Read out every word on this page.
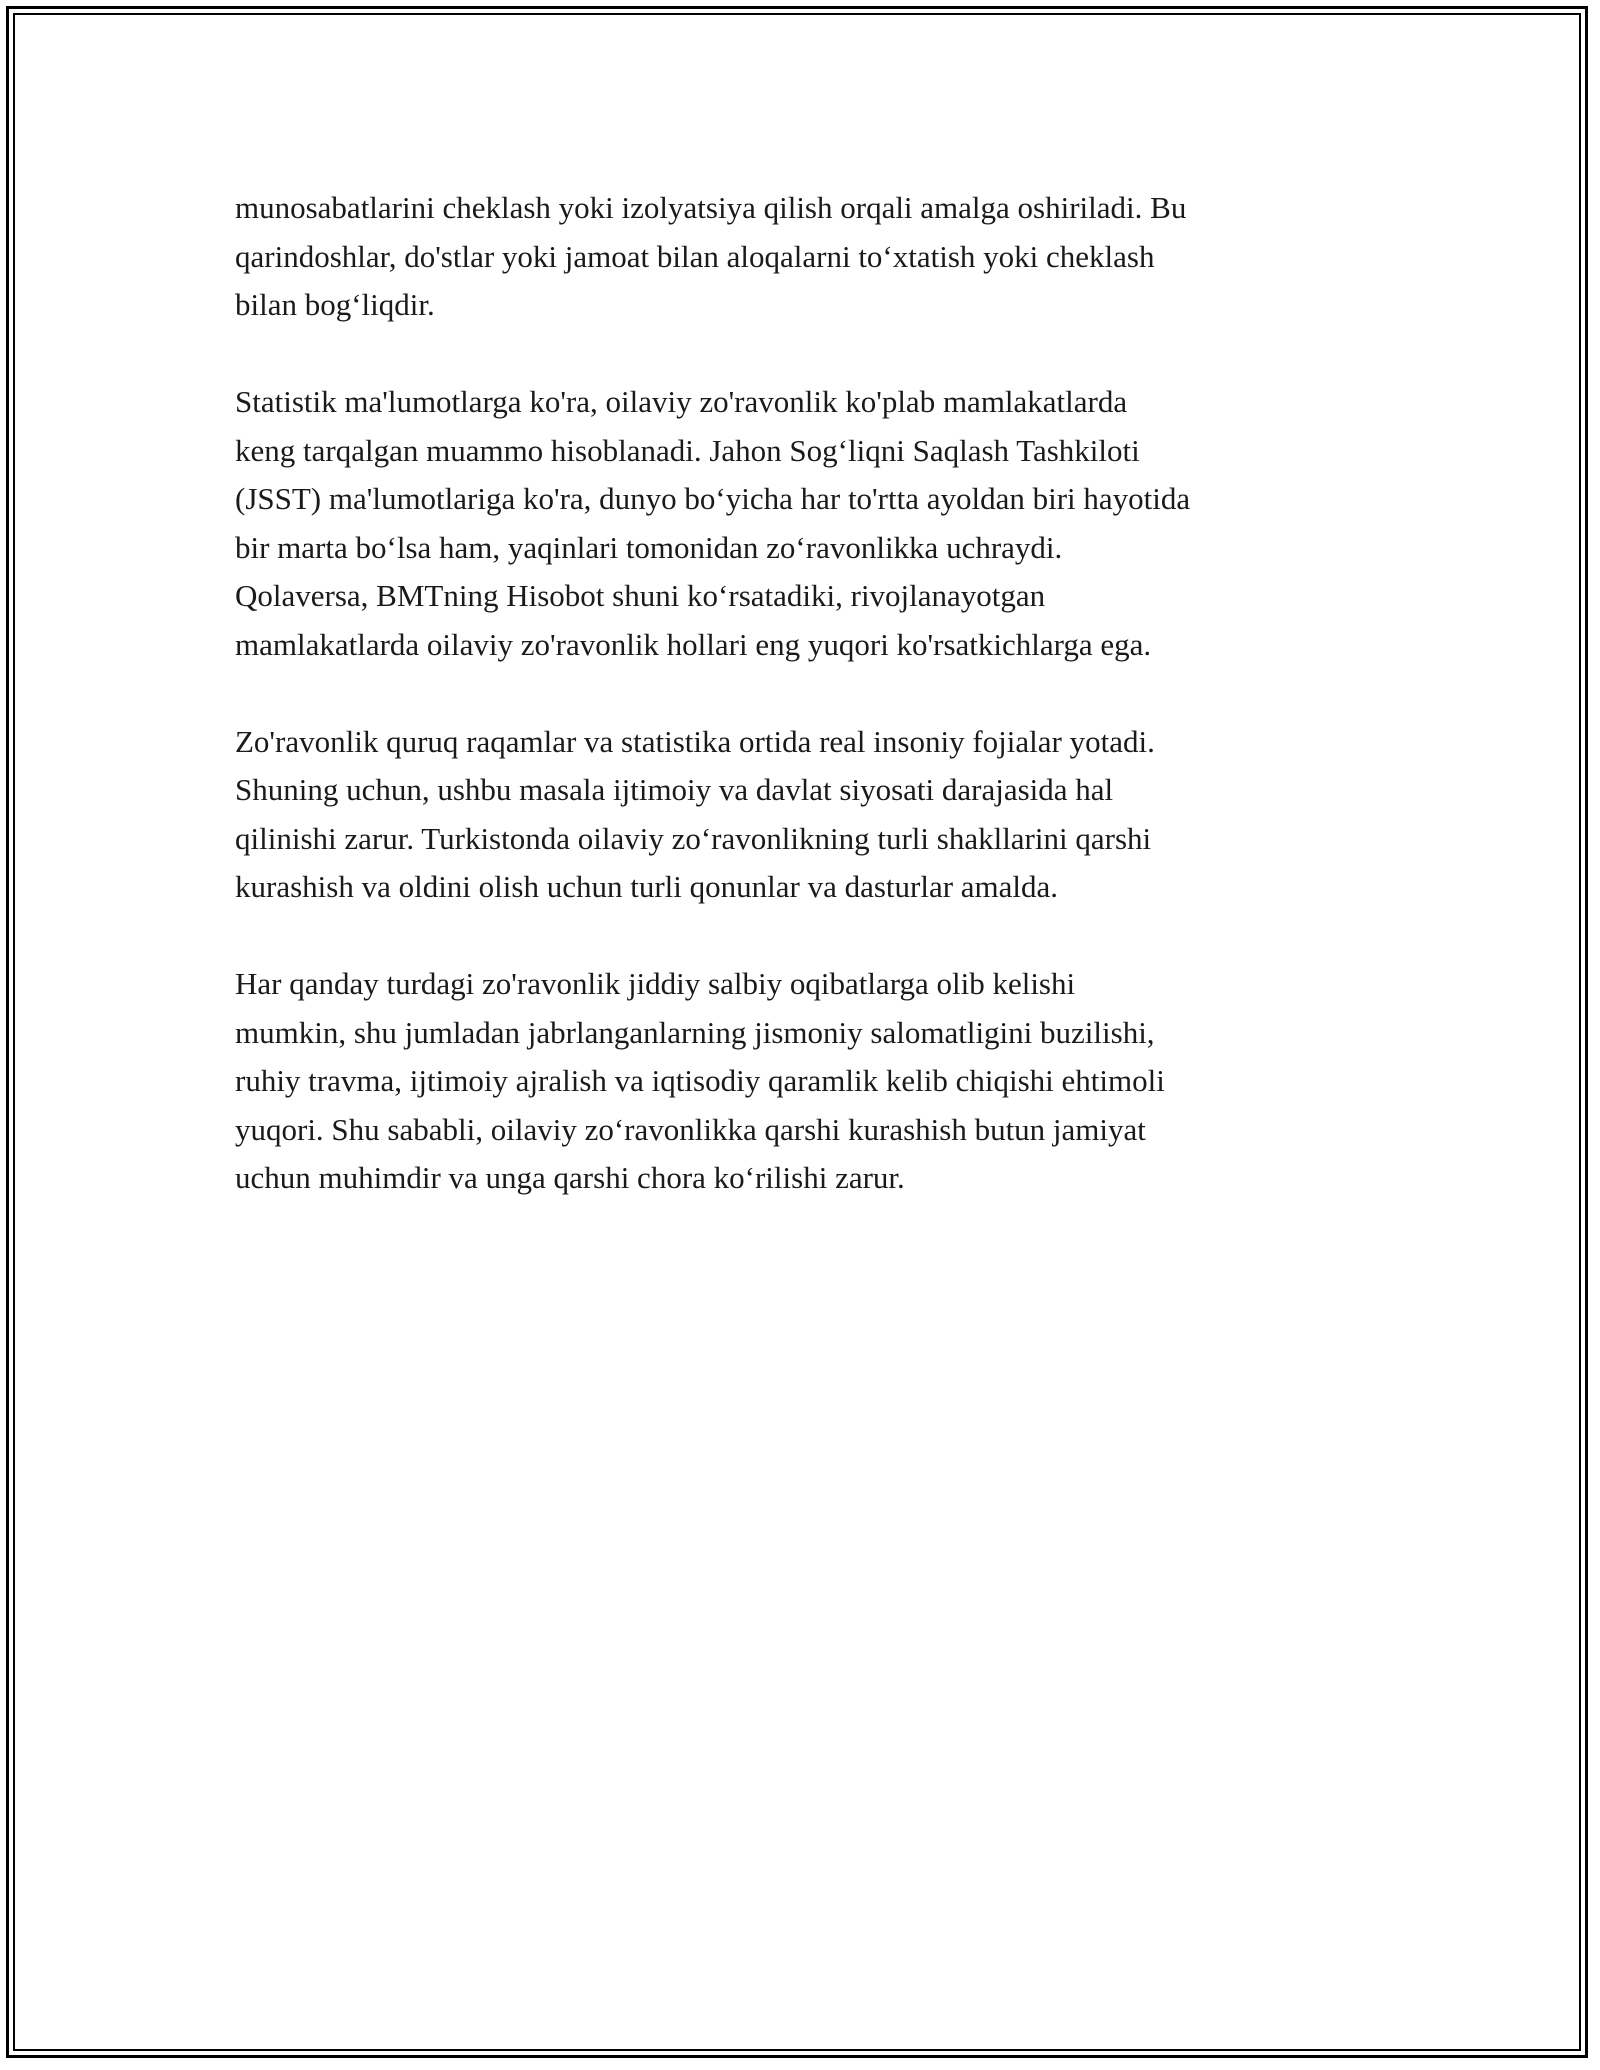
munosabatlarini cheklash yoki izolyatsiya qilish orqali amalga oshiriladi. Bu
qarindoshlar, do'stlar yoki jamoat bilan aloqalarni to‘xtatish yoki cheklash
bilan bog‘liqdir.

Statistik ma'lumotlarga ko'ra, oilaviy zo'ravonlik ko'plab mamlakatlarda
keng tarqalgan muammo hisoblanadi. Jahon Sog‘liqni Saqlash Tashkiloti
(JSST) ma'lumotlariga ko'ra, dunyo bo‘yicha har to'rtta ayoldan biri hayotida
bir marta bo‘lsa ham, yaqinlari tomonidan zo‘ravonlikka uchraydi.
Qolaversa, BMTning Hisobot shuni ko‘rsatadiki, rivojlanayotgan
mamlakatlarda oilaviy zo'ravonlik hollari eng yuqori ko'rsatkichlarga ega.

Zo'ravonlik quruq raqamlar va statistika ortida real insoniy fojialar yotadi.
Shuning uchun, ushbu masala ijtimoiy va davlat siyosati darajasida hal
qilinishi zarur. Turkistonda oilaviy zo‘ravonlikning turli shakllarini qarshi
kurashish va oldini olish uchun turli qonunlar va dasturlar amalda.

Har qanday turdagi zo'ravonlik jiddiy salbiy oqibatlarga olib kelishi
mumkin, shu jumladan jabrlanganlarning jismoniy salomatligini buzilishi,
ruhiy travma, ijtimoiy ajralish va iqtisodiy qaramlik kelib chiqishi ehtimoli
yuqori. Shu sababli, oilaviy zo‘ravonlikka qarshi kurashish butun jamiyat
uchun muhimdir va unga qarshi chora ko‘rilishi zarur.
